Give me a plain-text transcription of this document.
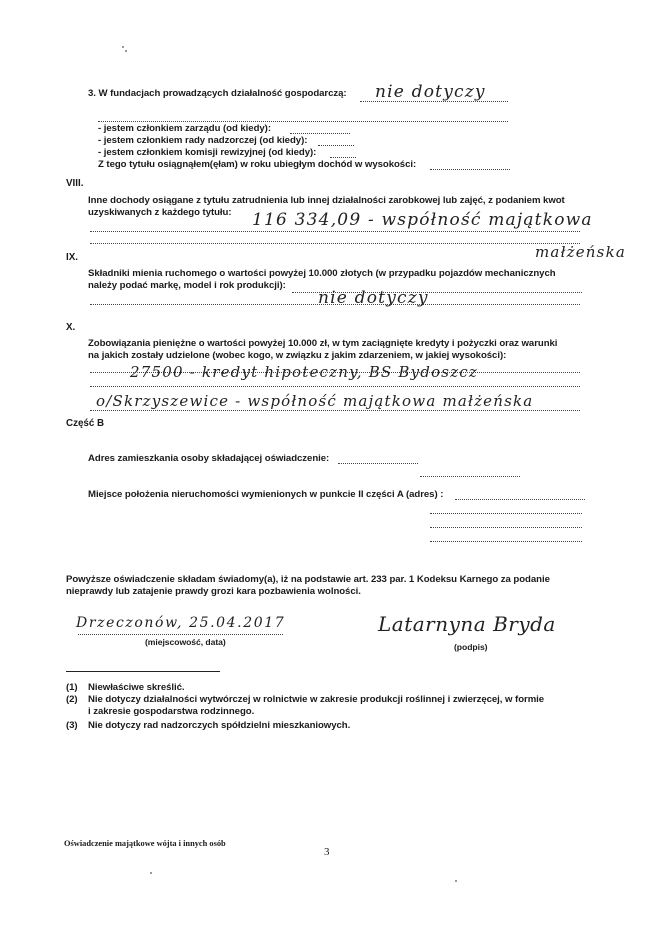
3. W fundacjach prowadzących działalność gospodarczą: nie dotyczy
- jestem członkiem zarządu (od kiedy):
- jestem członkiem rady nadzorczej (od kiedy):
- jestem członkiem komisji rewizyjnej (od kiedy):
Z tego tytułu osiągnąłem(ęłam) w roku ubiegłym dochód w wysokości:
VIII.
Inne dochody osiągane z tytułu zatrudnienia lub innej działalności zarobkowej lub zajęć, z podaniem kwot
uzyskiwanych z każdego tytułu: 116 334,09 - współność majątkowa
małżeńska
IX.
Składniki mienia ruchomego o wartości powyżej 10.000 złotych (w przypadku pojazdów mechanicznych
należy podać markę, model i rok produkcji):
nie dotyczy
X.
Zobowiązania pieniężne o wartości powyżej 10.000 zł, w tym zaciągnięte kredyty i pożyczki oraz warunki
na jakich zostały udzielone (wobec kogo, w związku z jakim zdarzeniem, w jakiej wysokości):
27500 - kredyt hipoteczny, BS Bydoszcz
o/Skrzyszewice - współność majątkowa małżeńska
Część B
Adres zamieszkania osoby składającej oświadczenie:
Miejsce położenia nieruchomości wymienionych w punkcie II części A (adres) :
Powyższe oświadczenie składam świadomy(a), iż na podstawie art. 233 par. 1 Kodeksu Karnego za podanie
nieprawdy lub zatajenie prawdy grozi kara pozbawienia wolności.
Drzeczonów, 25.04.2017
(miejscowość, data)
Latarnyna Bryda
(podpis)
(1) Niewłaściwe skreślić.
(2) Nie dotyczy działalności wytwórczej w rolnictwie w zakresie produkcji roślinnej i zwierzęcej, w formie
i zakresie gospodarstwa rodzinnego.
(3) Nie dotyczy rad nadzorczych spółdzielni mieszkaniowych.
Oświadczenie majątkowe wójta i innych osób
3
